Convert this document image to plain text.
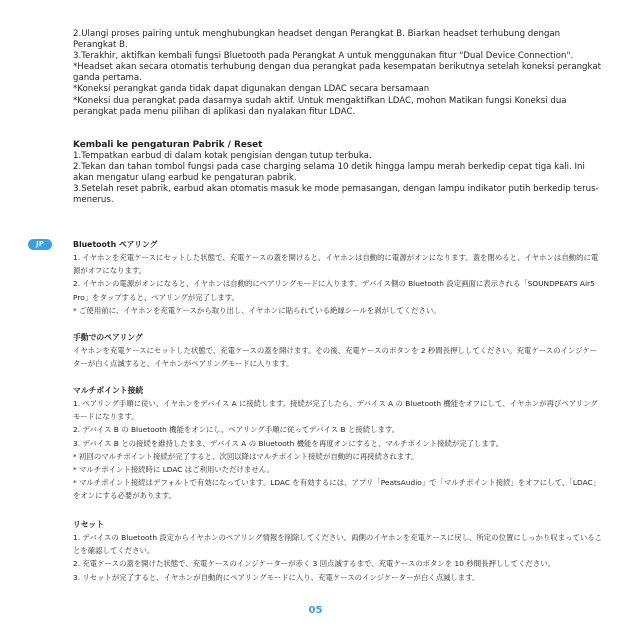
2.Ulangi proses pairing untuk menghubungkan headset dengan Perangkat B. Biarkan headset terhubung dengan Perangkat B.

3.Terakhir, aktifkan kembali fungsi Bluetooth pada Perangkat A untuk menggunakan fitur "Dual Device Connection".

*Headset akan secara otomatis terhubung dengan dua perangkat pada kesempatan berikutnya setelah koneksi perangkat ganda pertama.

*Koneksi perangkat ganda tidak dapat digunakan dengan LDAC secara bersamaan

*Koneksi dua perangkat pada dasarnya sudah aktif. Untuk mengaktifkan LDAC, mohon Matikan fungsi Koneksi dua perangkat pada menu pilihan di aplikasi dan nyalakan fitur LDAC.

Kembali ke pengaturan Pabrik / Reset

1.Tempatkan earbud di dalam kotak pengisian dengan tutup terbuka.

2.Tekan dan tahan tombol fungsi pada case charging selama 10 detik hingga lampu merah berkedip cepat tiga kali. Ini akan mengatur ulang earbud ke pengaturan pabrik.

3.Setelah reset pabrik, earbud akan otomatis masuk ke mode pemasangan, dengan lampu indikator putih berkedip terus-menerus.

JP	Bluetooth ペアリング

1. イヤホンを充電ケースにセットした状態で、充電ケースの蓋を開けると、イヤホンは自動的に電源がオンになります。蓋を閉めると、イヤホンは自動的に電源がオフになります。

2. イヤホンの電源がオンになると、イヤホンは自動的にペアリングモードに入ります。デバイス側の Bluetooth 設定画面に表示される「SOUNDPEATS Air5 Pro」をタップすると、ペアリングが完了します。

* ご使用前に、イヤホンを充電ケースから取り出し、イヤホンに貼られている絶縁シールを剥がしてください。

手動でのペアリング

イヤホンを充電ケースにセットした状態で、充電ケースの蓋を開けます。その後、充電ケースのボタンを 2 秒間長押ししてください。充電ケースのインジケーターが白く点滅すると、イヤホンがペアリングモードに入ります。

マルチポイント接続

1. ペアリング手順に従い、イヤホンをデバイス A に接続します。接続が完了したら、デバイス A の Bluetooth 機能をオフにして、イヤホンが再びペアリングモードになります。

2. デバイス B の Bluetooth 機能をオンにし、ペアリング手順に従ってデバイス B と接続します。

3. デバイス B との接続を維持したまま、デバイス A の Bluetooth 機能を再度オンにすると、マルチポイント接続が完了します。

* 初回のマルチポイント接続が完了すると、次回以降はマルチポイント接続が自動的に再接続されます。

* マルチポイント接続時に LDAC はご利用いただけません。

* マルチポイント接続はデフォルトで有効になっています。LDAC を有効するには、アプリ「PeatsAudio」で「マルチポイント接続」をオフにして、「LDAC」をオンにする必要があります。

リセット

1. デバイスの Bluetooth 設定からイヤホンのペアリング情報を削除してください。両側のイヤホンを充電ケースに戻し、所定の位置にしっかり収まっていることを確認してください。

2. 充電ケースの蓋を開けた状態で、充電ケースのインジケーターが赤く 3 回点滅するまで、充電ケースのボタンを 10 秒間長押ししてください。

3. リセットが完了すると、イヤホンが自動的にペアリングモードに入り、充電ケースのインジケーターが白く点滅します。

05
